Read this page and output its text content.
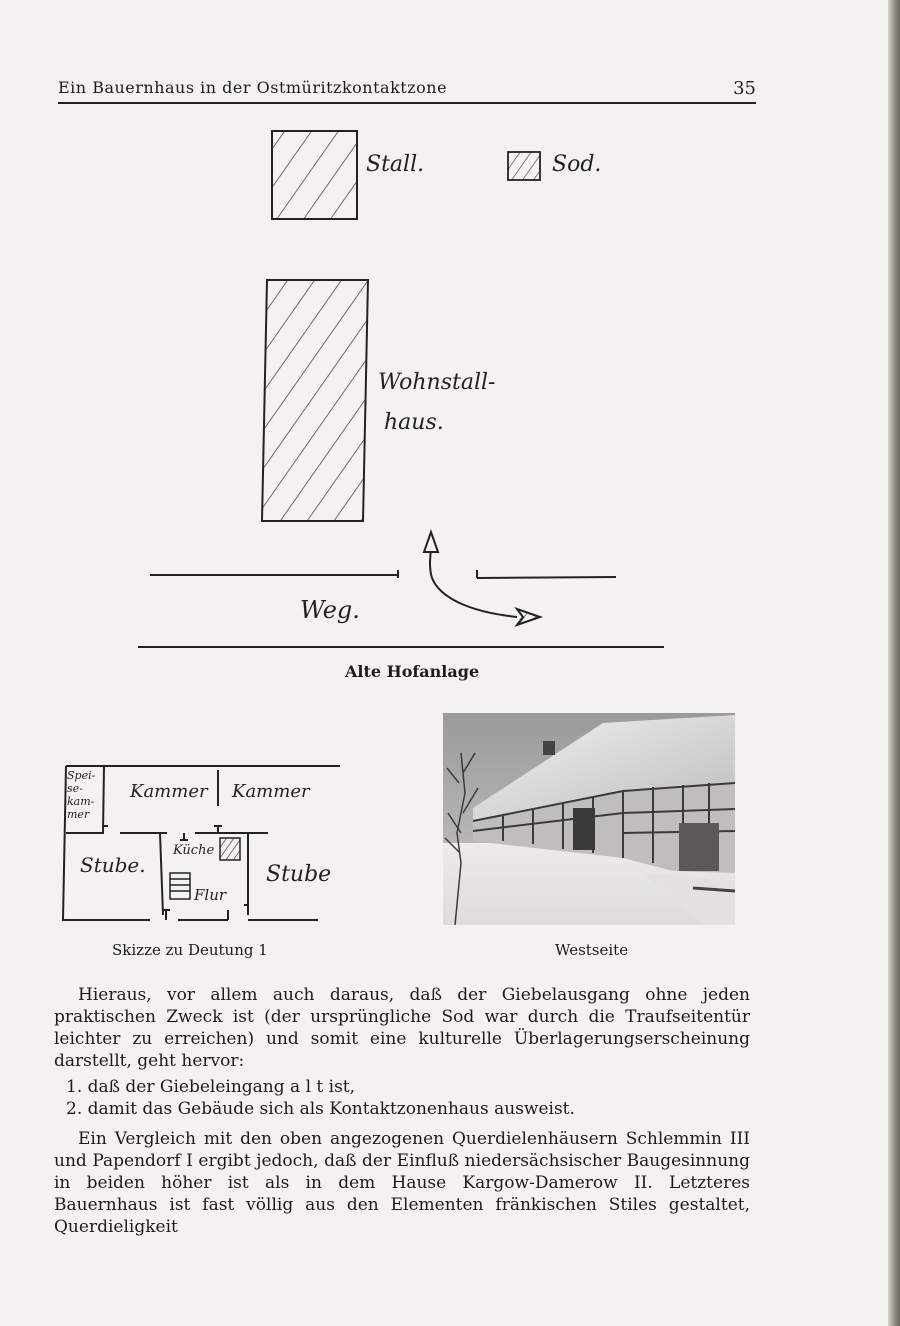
Ein Bauernhaus in der Ostmüritzkontaktzone	35
Stall.	Sod.
Wohnstall-
haus.
Weg.
Alte Hofanlage
Spei-
se-
kam-
mer
Kammer Kammer
Stube.
Küche
Flur
Stube
Skizze zu Deutung 1	Westseite

Hieraus, vor allem auch daraus, daß der Giebelausgang ohne jeden praktischen Zweck ist (der ursprüngliche Sod war durch die Traufseitentür leichter zu erreichen) und somit eine kulturelle Überlagerungserscheinung darstellt, geht hervor:

1. daß der Giebeleingang a l t ist,

2. damit das Gebäude sich als Kontaktzonenhaus ausweist.

Ein Vergleich mit den oben angezogenen Querdielenhäusern Schlemmin III und Papendorf I ergibt jedoch, daß der Einfluß niedersächsischer Baugesinnung in beiden höher ist als in dem Hause Kargow-Damerow II. Letzteres Bauernhaus ist fast völlig aus den Elementen fränkischen Stiles gestaltet, Querdieligkeit
